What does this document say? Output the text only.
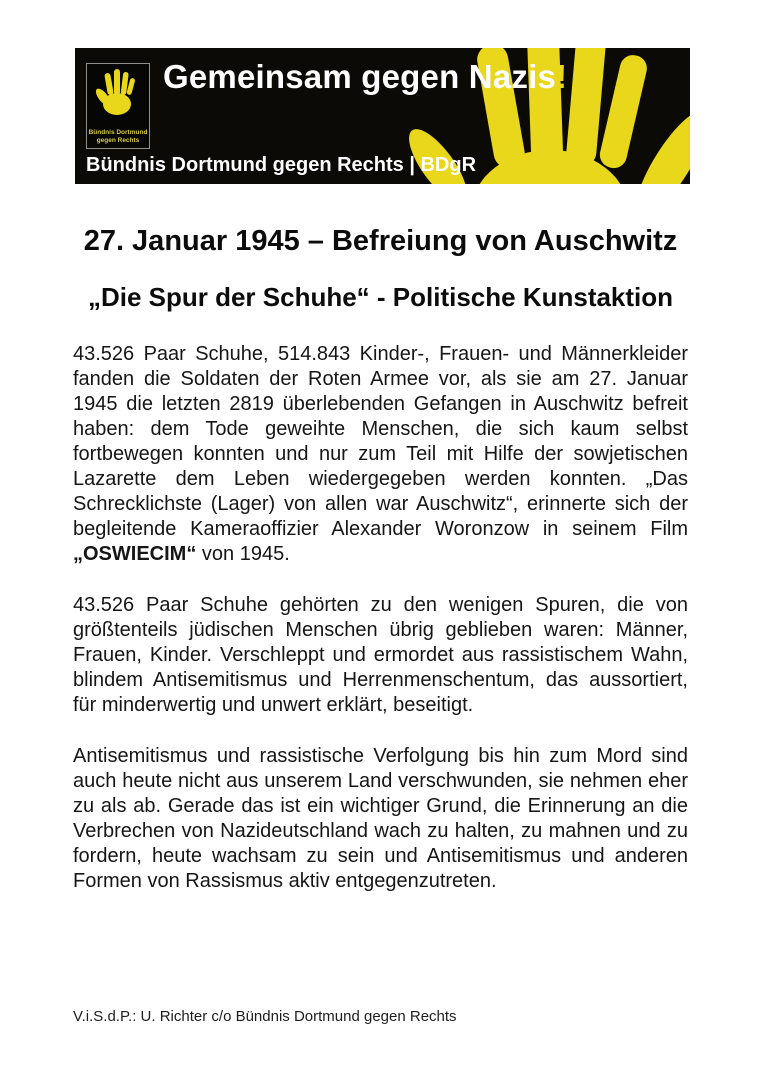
Bündnis Dortmund
gegen Rechts
Gemeinsam gegen Nazis!
Bündnis Dortmund gegen Rechts | BDgR
27. Januar 1945 – Befreiung von Auschwitz
„Die Spur der Schuhe“ - Politische Kunstaktion

43.526 Paar Schuhe, 514.843 Kinder-, Frauen- und Männerkleider fanden die Soldaten der Roten Armee vor, als sie am 27. Januar 1945 die letzten 2819 überlebenden Gefangen in Auschwitz befreit haben: dem Tode geweihte Menschen, die sich kaum selbst fortbewegen konnten und nur zum Teil mit Hilfe der sowjetischen Lazarette dem Leben wiedergegeben werden konnten. „Das Schrecklichste (Lager) von allen war Auschwitz“, erinnerte sich der begleitende Kameraoffizier Alexander Woronzow in seinem Film „OSWIECIM“ von 1945.

43.526 Paar Schuhe gehörten zu den wenigen Spuren, die von größtenteils jüdischen Menschen übrig geblieben waren: Männer, Frauen, Kinder. Verschleppt und ermordet aus rassistischem Wahn, blindem Antisemitismus und Herrenmenschentum, das aussortiert, für minderwertig und unwert erklärt, beseitigt.

Antisemitismus und rassistische Verfolgung bis hin zum Mord sind auch heute nicht aus unserem Land verschwunden, sie nehmen eher zu als ab. Gerade das ist ein wichtiger Grund, die Erinnerung an die Verbrechen von Nazideutschland wach zu halten, zu mahnen und zu fordern, heute wachsam zu sein und Antisemitismus und anderen Formen von Rassismus aktiv entgegenzutreten.

V.i.S.d.P.: U. Richter c/o Bündnis Dortmund gegen Rechts
